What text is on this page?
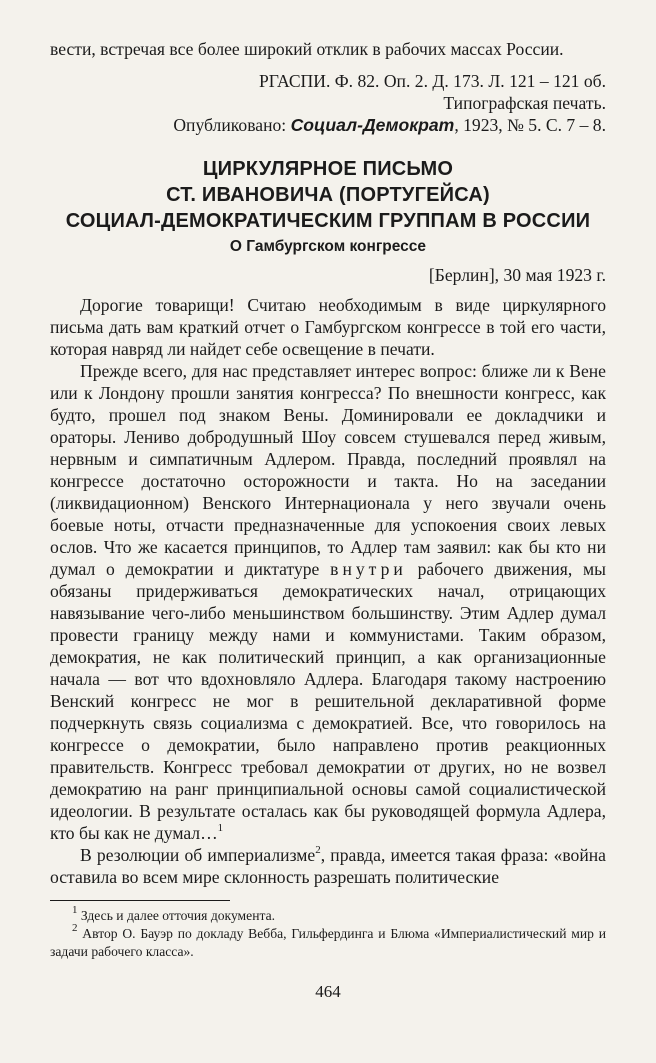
вести, встречая все более широкий отклик в рабочих массах России.

РГАСПИ. Ф. 82. Оп. 2. Д. 173. Л. 121 – 121 об.

Типографская печать.

Опубликовано: Социал-Демократ, 1923, № 5. С. 7 – 8.

ЦИРКУЛЯРНОЕ ПИСЬМО
СТ. ИВАНОВИЧА (ПОРТУГЕЙСА)
СОЦИАЛ-ДЕМОКРАТИЧЕСКИМ ГРУППАМ В РОССИИ
О Гамбургском конгрессе

[Берлин], 30 мая 1923 г.

Дорогие товарищи! Считаю необходимым в виде циркулярного письма дать вам краткий отчет о Гамбургском конгрессе в той его части, которая навряд ли найдет себе освещение в печати.

Прежде всего, для нас представляет интерес вопрос: ближе ли к Вене или к Лондону прошли занятия конгресса? По внешности конгресс, как будто, прошел под знаком Вены. Доминировали ее докладчики и ораторы. Лениво добродушный Шоу совсем стушевался перед живым, нервным и симпатичным Адлером. Правда, последний проявлял на конгрессе достаточно осторожности и такта. Но на заседании (ликвидационном) Венского Интернационала у него звучали очень боевые ноты, отчасти предназначенные для успокоения своих левых ослов. Что же касается принципов, то Адлер там заявил: как бы кто ни думал о демократии и диктатуре внутри рабочего движения, мы обязаны придерживаться демократических начал, отрицающих навязывание чего-либо меньшинством большинству. Этим Адлер думал провести границу между нами и коммунистами. Таким образом, демократия, не как политический принцип, а как организационные начала — вот что вдохновляло Адлера. Благодаря такому настроению Венский конгресс не мог в решительной декларативной форме подчеркнуть связь социализма с демократией. Все, что говорилось на конгрессе о демократии, было направлено против реакционных правительств. Конгресс требовал демократии от других, но не возвел демократию на ранг принципиальной основы самой социалистической идеологии. В результате осталась как бы руководящей формула Адлера, кто бы как не думал…$^1$

В резолюции об империализме$^2$, правда, имеется такая фраза: «война оставила во всем мире склонность разрешать политические

$^1$ Здесь и далее отточия документа.

$^2$ Автор О. Бауэр по докладу Вебба, Гильфердинга и Блюма «Империалистический мир и задачи рабочего класса».

464
